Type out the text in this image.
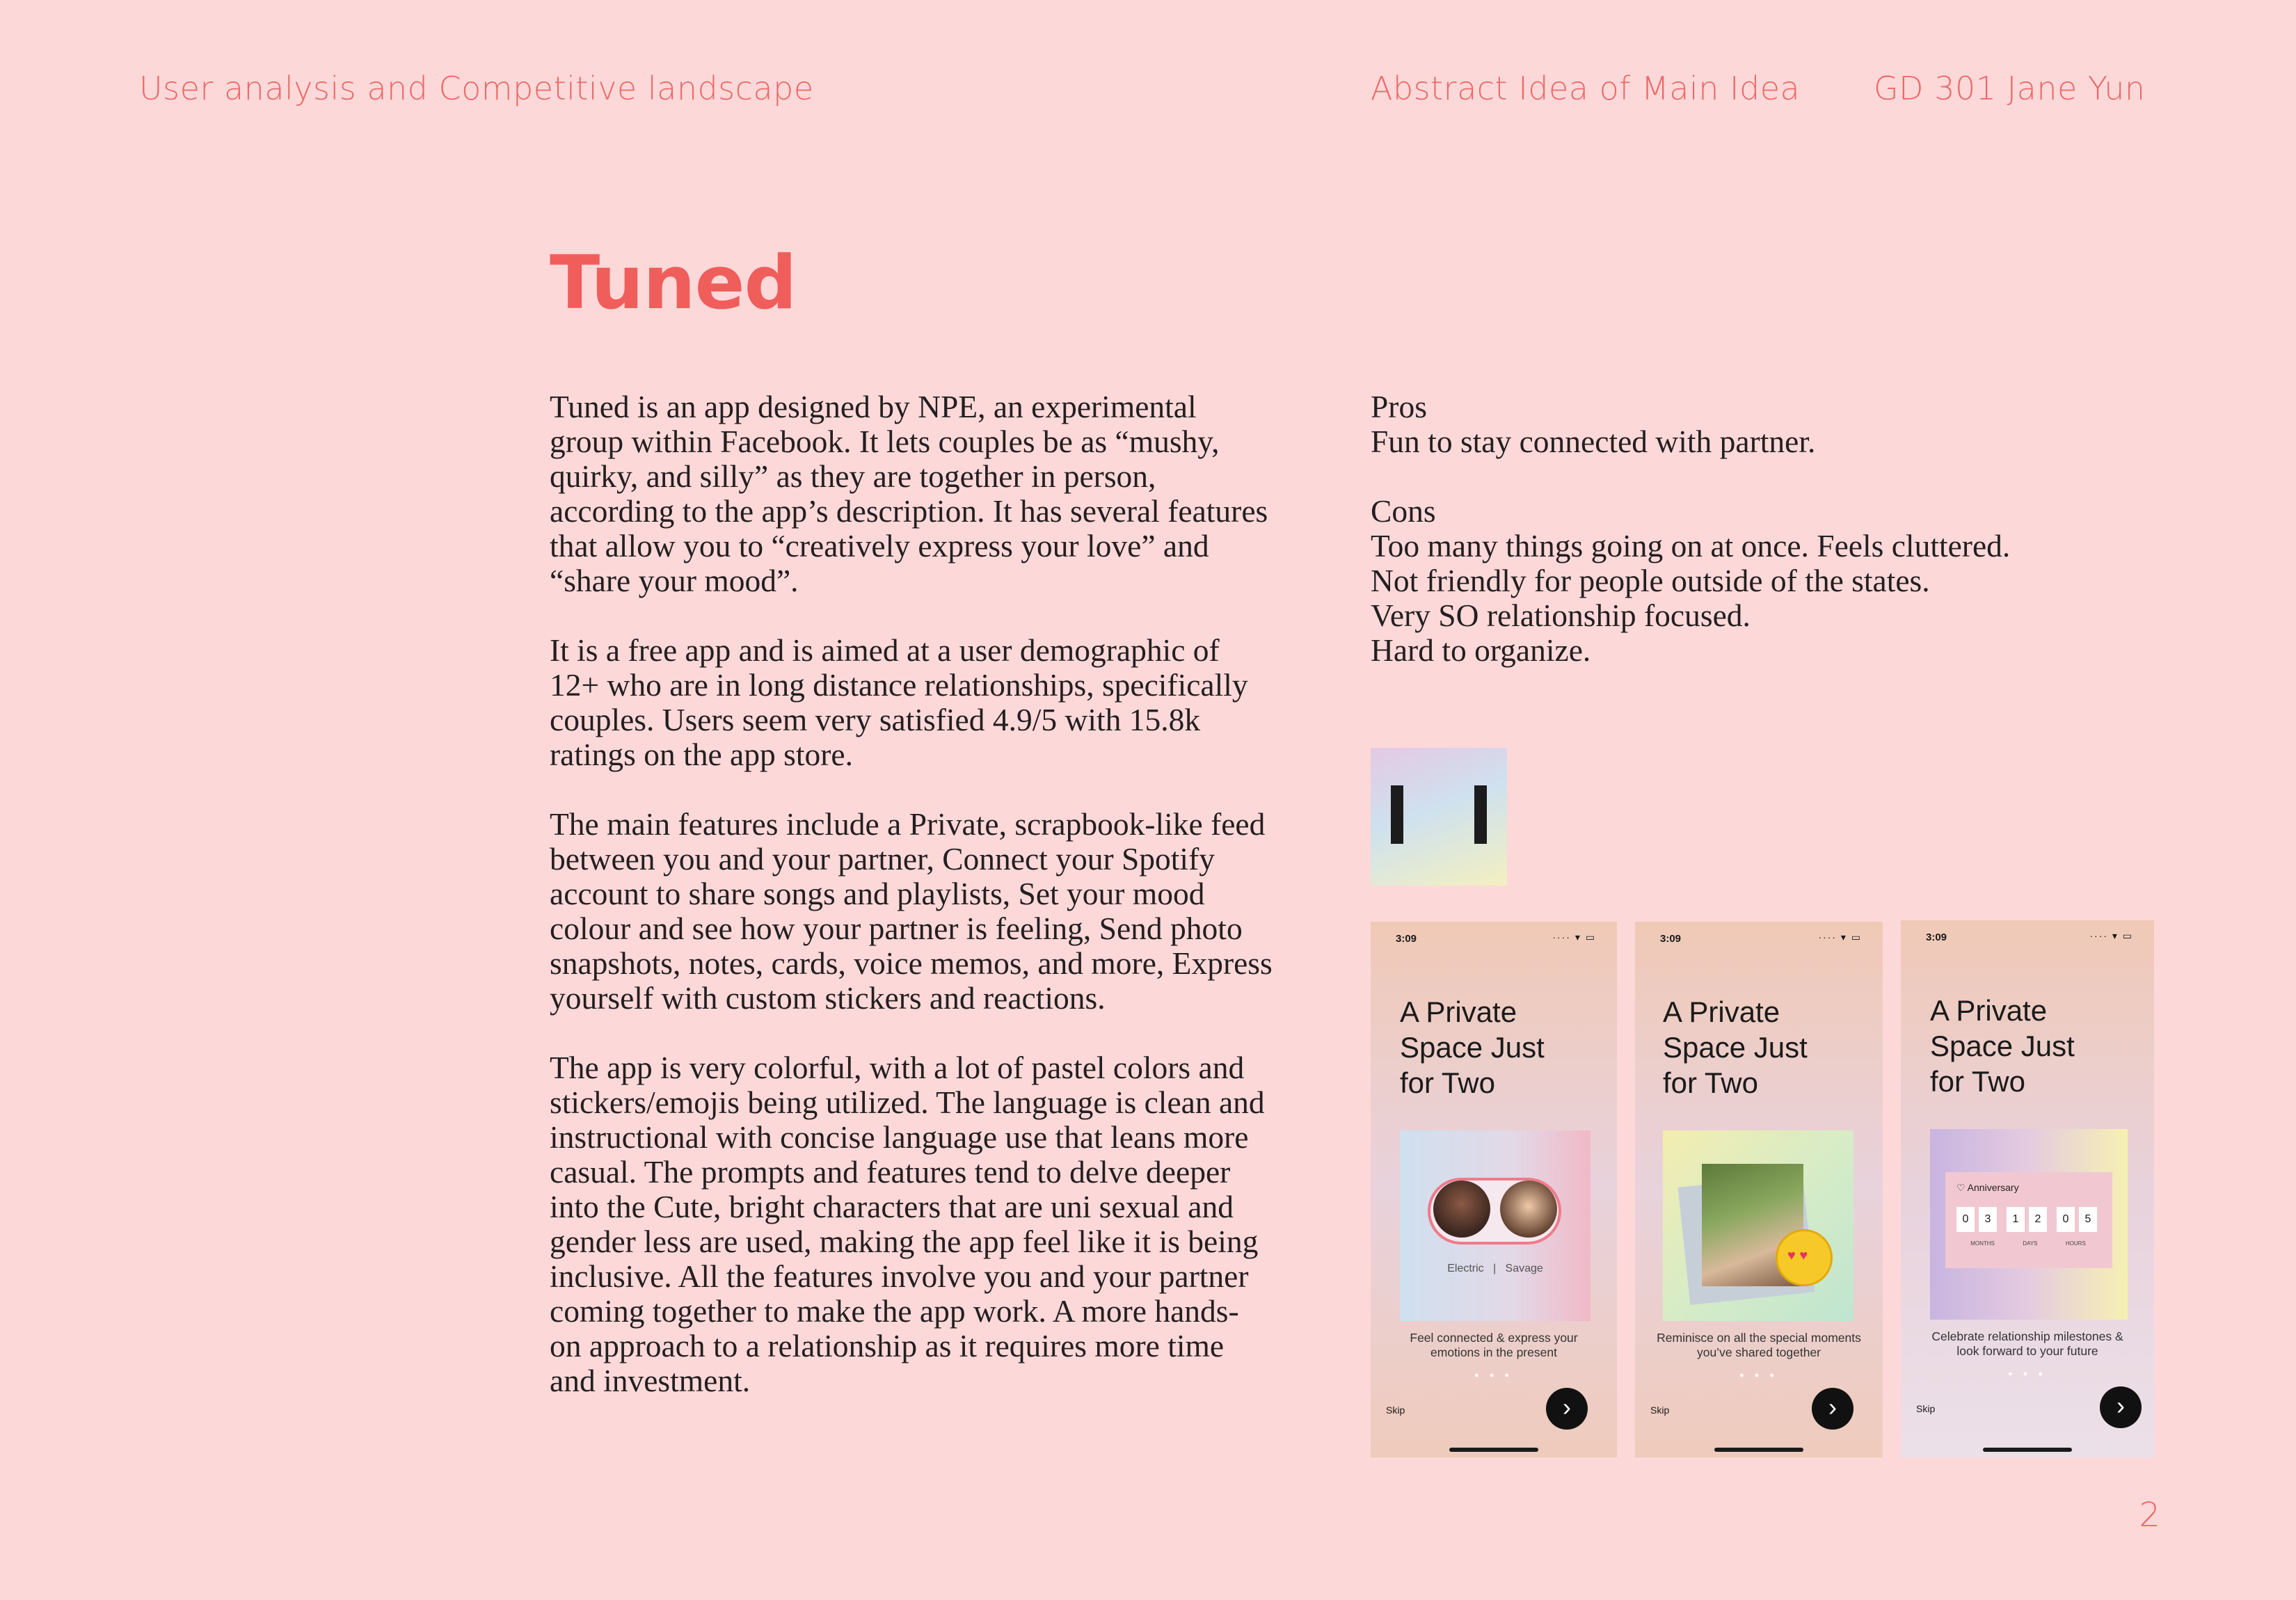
User analysis and Competitive landscape	Abstract Idea of Main Idea GD 301 Jane Yun
Tuned

Tuned is an app designed by NPE, an experimental
group within Facebook. It lets couples be as “mushy,
quirky, and silly” as they are together in person,
according to the app’s description. It has several features
that allow you to “creatively express your love” and
“share your mood”.

It is a free app and is aimed at a user demographic of
12+ who are in long distance relationships, specifically
couples. Users seem very satisfied 4.9/5 with 15.8k
ratings on the app store.

The main features include a Private, scrapbook-like feed
between you and your partner, Connect your Spotify
account to share songs and playlists, Set your mood
colour and see how your partner is feeling, Send photo
snapshots, notes, cards, voice memos, and more, Express
yourself with custom stickers and reactions.

The app is very colorful, with a lot of pastel colors and
stickers/emojis being utilized. The language is clean and
instructional with concise language use that leans more
casual. The prompts and features tend to delve deeper
into the Cute, bright characters that are uni sexual and
gender less are used, making the app feel like it is being
inclusive. All the features involve you and your partner
coming together to make the app work. A more hands-
on approach to a relationship as it requires more time
and investment.

Pros
Fun to stay connected with partner.
Cons
Too many things going on at once. Feels cluttered.
Not friendly for people outside of the states.
Very SO relationship focused.
Hard to organize.
3:09	···· ▾ ▭
A Private
Space Just
for Two
Electric | Savage
Feel connected & express your
emotions in the present
● ● ●
Skip	›
3:09	···· ▾ ▭
A Private
Space Just
for Two
♥ ♥
Reminisce on all the special moments
you’ve shared together
● ● ●
Skip	›
3:09	···· ▾ ▭
A Private
Space Just
for Two
♡ Anniversary
0	3	1	2	0	5
MONTHS	DAYS	HOURS
Celebrate relationship milestones &
look forward to your future
● ● ●
Skip	›
2
